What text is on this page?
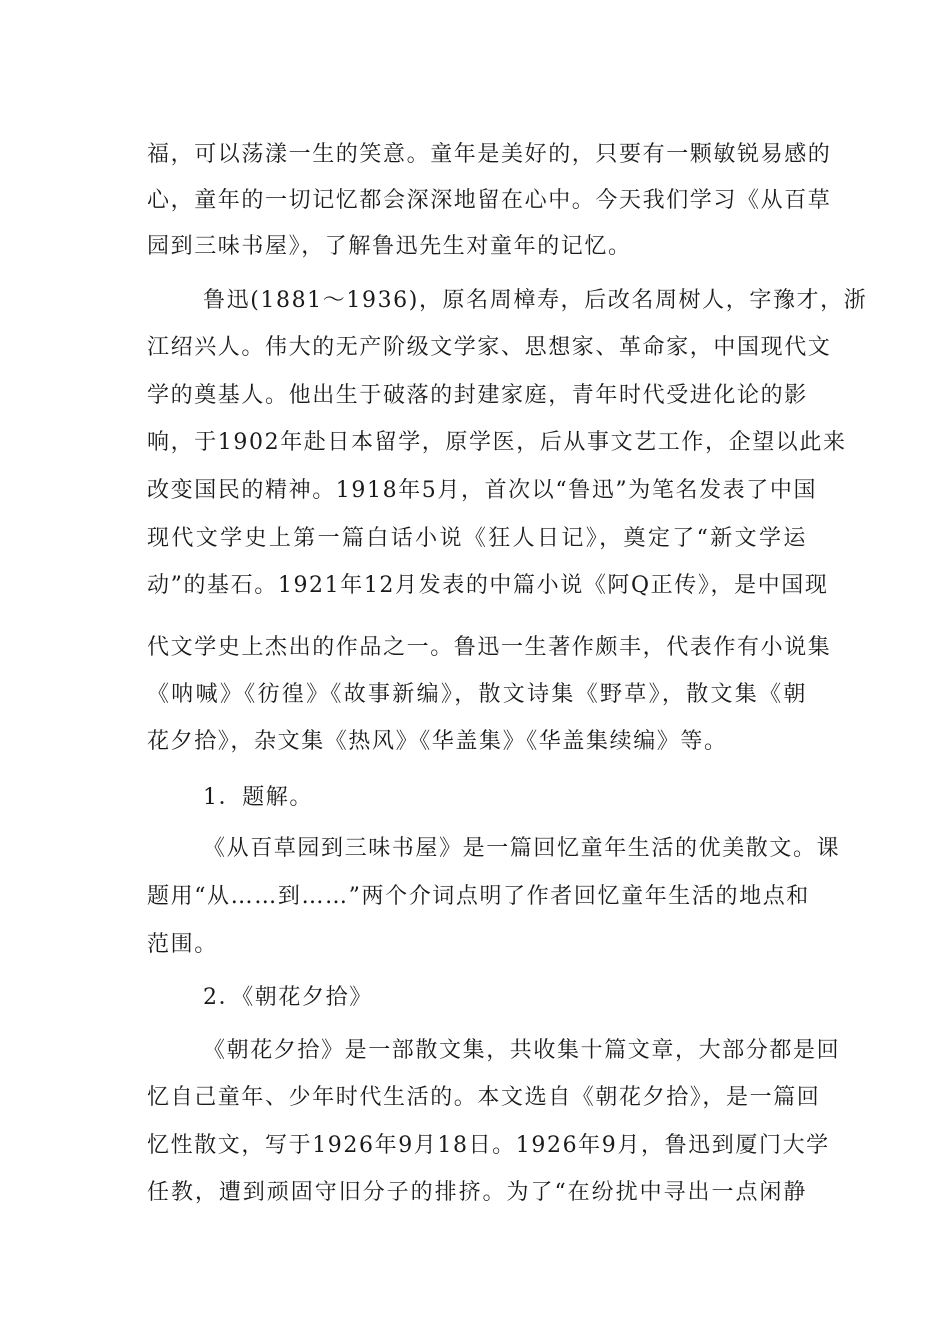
福，可以荡漾一生的笑意。童年是美好的，只要有一颗敏锐易感的
心，童年的一切记忆都会深深地留在心中。今天我们学习《从百草
园到三味书屋》，了解鲁迅先生对童年的记忆。
鲁迅(1881～1936)，原名周樟寿，后改名周树人，字豫才，浙
江绍兴人。伟大的无产阶级文学家、思想家、革命家，中国现代文
学的奠基人。他出生于破落的封建家庭，青年时代受进化论的影
响，于1902年赴日本留学，原学医，后从事文艺工作，企望以此来
改变国民的精神。1918年5月，首次以“鲁迅”为笔名发表了中国
现代文学史上第一篇白话小说《狂人日记》，奠定了“新文学运
动”的基石。1921年12月发表的中篇小说《阿Q正传》，是中国现
代文学史上杰出的作品之一。鲁迅一生著作颇丰，代表作有小说集
《呐喊》《彷徨》《故事新编》，散文诗集《野草》，散文集《朝
花夕拾》，杂文集《热风》《华盖集》《华盖集续编》等。
1．题解。
《从百草园到三味书屋》是一篇回忆童年生活的优美散文。课
题用“从……到……”两个介词点明了作者回忆童年生活的地点和
范围。
2．《朝花夕拾》
《朝花夕拾》是一部散文集，共收集十篇文章，大部分都是回
忆自己童年、少年时代生活的。本文选自《朝花夕拾》，是一篇回
忆性散文，写于1926年9月18日。1926年9月，鲁迅到厦门大学
任教，遭到顽固守旧分子的排挤。为了“在纷扰中寻出一点闲静
